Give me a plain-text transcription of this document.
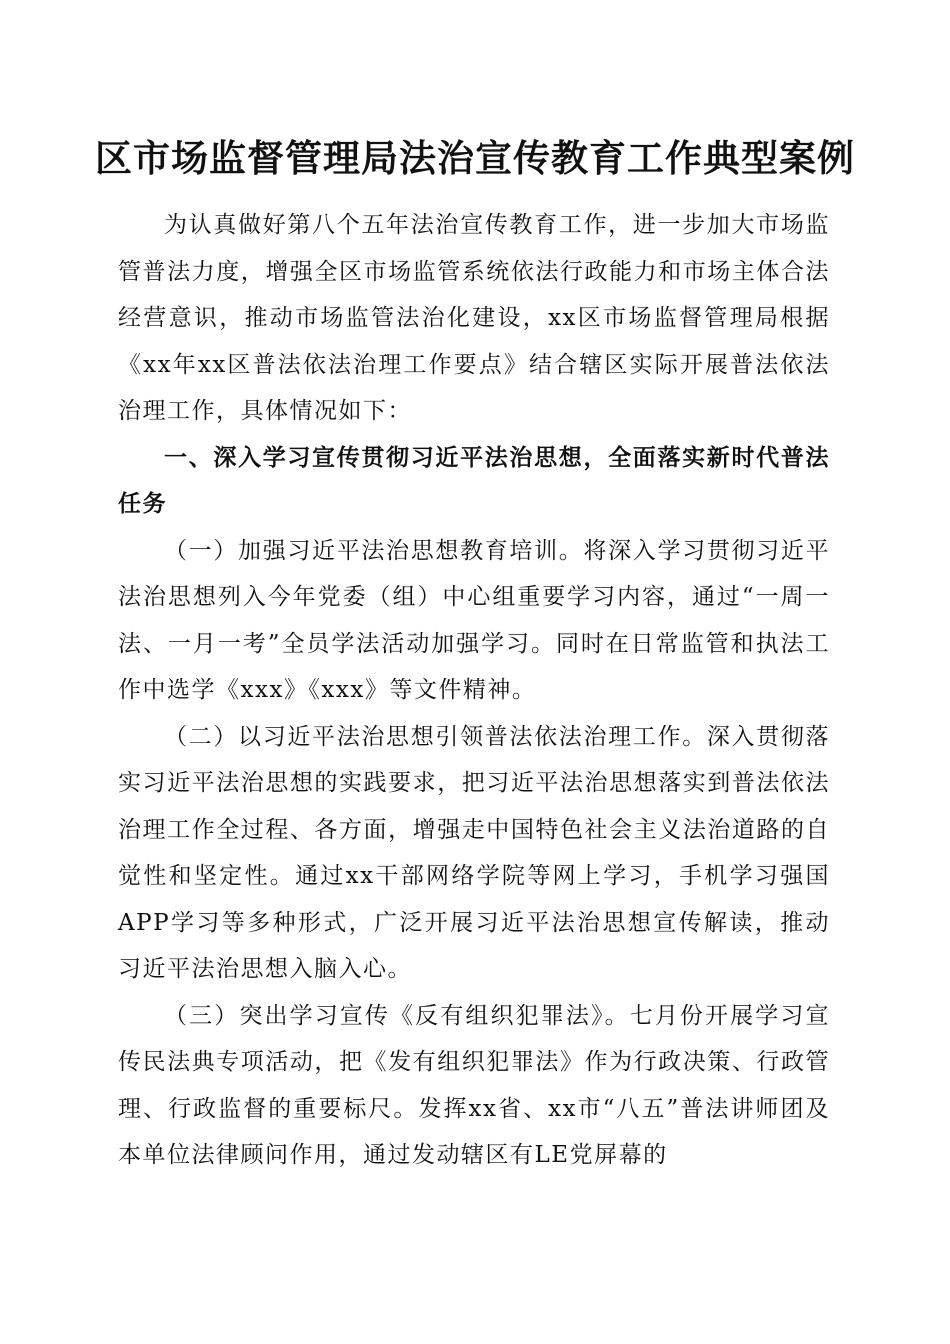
区市场监督管理局法治宣传教育工作典型案例

为认真做好第八个五年法治宣传教育工作，进一步加大市场监管普法力度，增强全区市场监管系统依法行政能力和市场主体合法经营意识，推动市场监管法治化建设，xx区市场监督管理局根据《xx年xx区普法依法治理工作要点》结合辖区实际开展普法依法治理工作，具体情况如下：

一、深入学习宣传贯彻习近平法治思想，全面落实新时代普法任务

（一）加强习近平法治思想教育培训。将深入学习贯彻习近平法治思想列入今年党委（组）中心组重要学习内容，通过“一周一法、一月一考”全员学法活动加强学习。同时在日常监管和执法工作中选学《xxx》《xxx》等文件精神。

（二）以习近平法治思想引领普法依法治理工作。深入贯彻落实习近平法治思想的实践要求，把习近平法治思想落实到普法依法治理工作全过程、各方面，增强走中国特色社会主义法治道路的自觉性和坚定性。通过xx干部网络学院等网上学习，手机学习强国APP学习等多种形式，广泛开展习近平法治思想宣传解读，推动习近平法治思想入脑入心。

（三）突出学习宣传《反有组织犯罪法》。七月份开展学习宣传民法典专项活动，把《发有组织犯罪法》作为行政决策、行政管理、行政监督的重要标尺。发挥xx省、xx市“八五”普法讲师团及本单位法律顾问作用，通过发动辖区有LE党屏幕的
